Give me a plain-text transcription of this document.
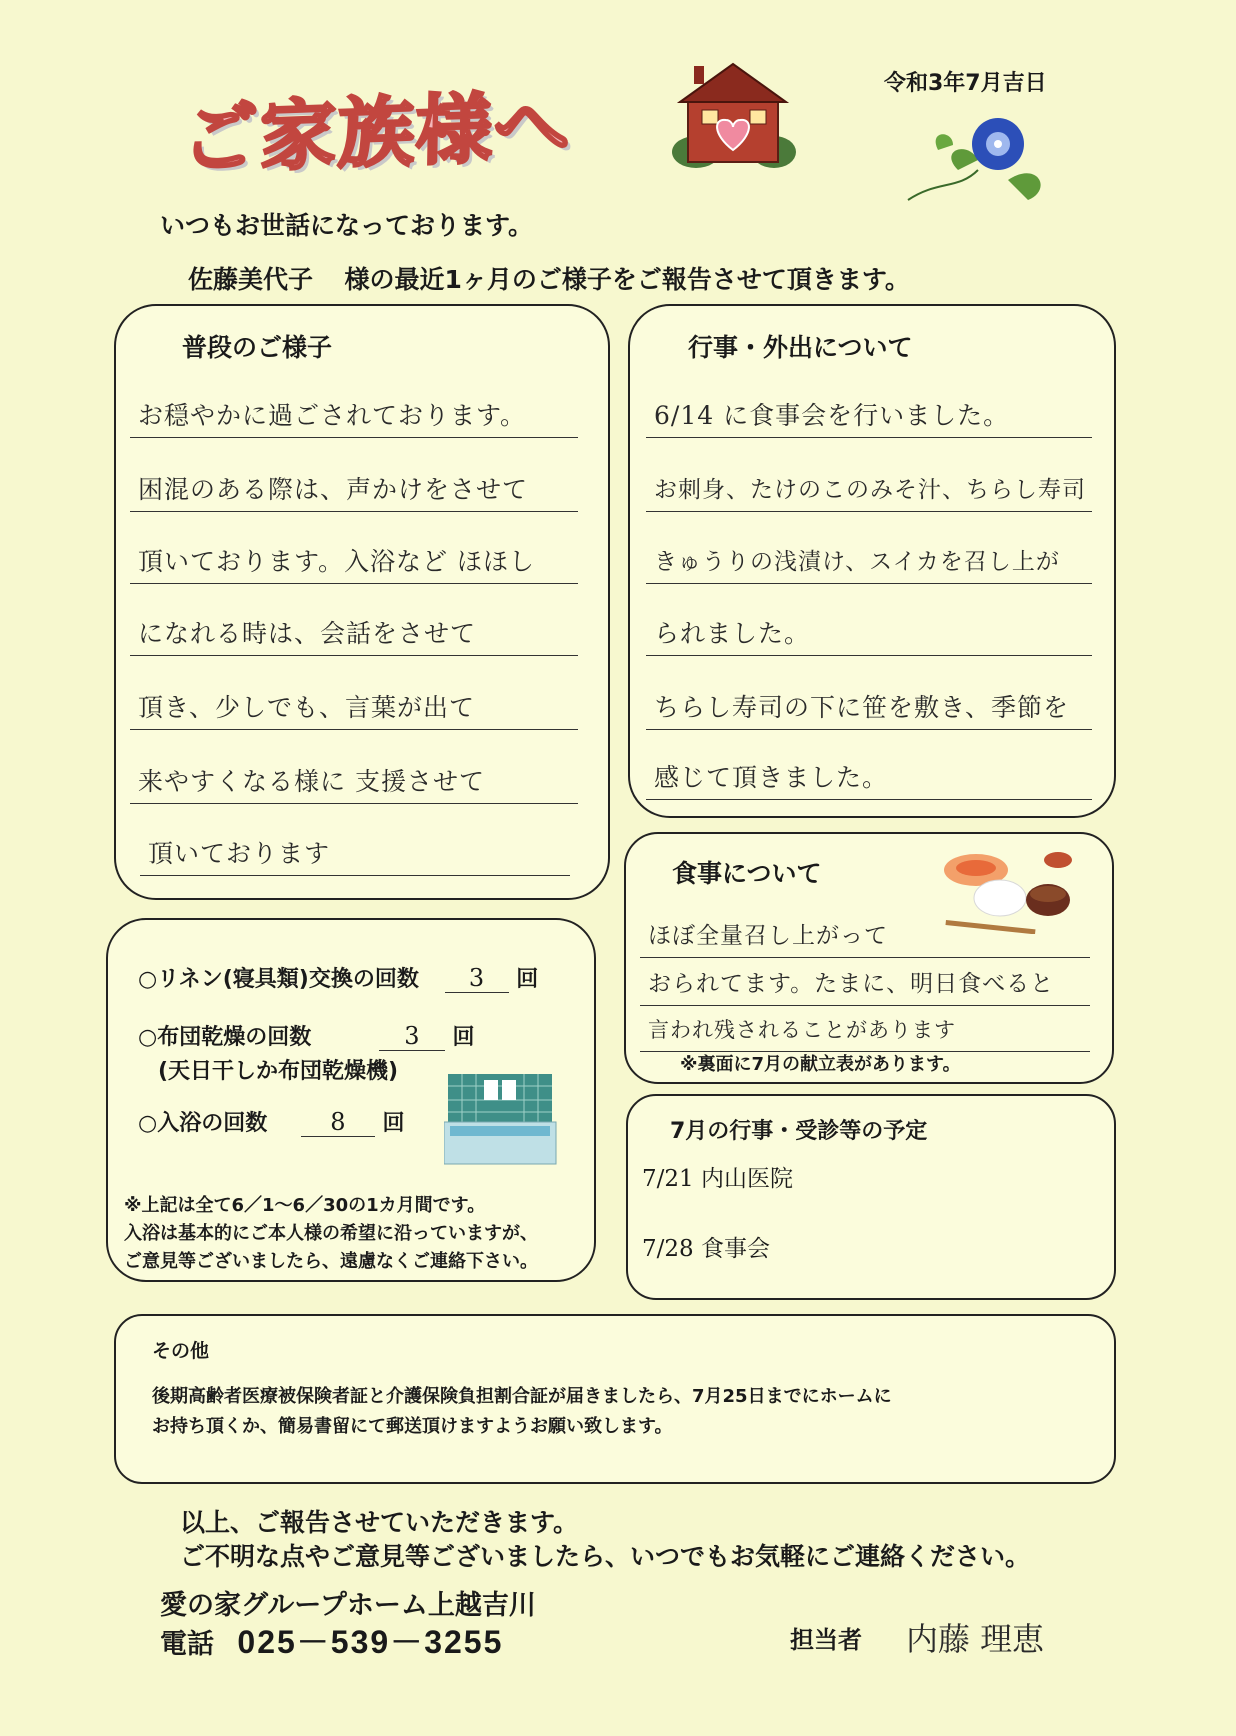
ご家族様へ	令和3年7月吉日
いつもお世話になっております。
佐藤美代子 様の最近1ヶ月のご様子をご報告させて頂きます。
普段のご様子
お穏やかに過ごされております。
困混のある際は、声かけをさせて
頂いております。入浴など ほほし
になれる時は、会話をさせて
頂き、少しでも、言葉が出て
来やすくなる様に 支援させて
頂いております
行事・外出について
6/14 に食事会を行いました。
お刺身、たけのこのみそ汁、ちらし寿司
きゅうりの浅漬け、スイカを召し上が
られました。
ちらし寿司の下に笹を敷き、季節を
感じて頂きました。
食事について
ほぼ全量召し上がって
おられてます。たまに、明日食べると
言われ残されることがあります
※裏面に7月の献立表があります。
○リネン(寝具類)交換の回数 3 回
○布団乾燥の回数	3 回
(天日干しか布団乾燥機)
○入浴の回数	8 回
※上記は全て6／1～6／30の1カ月間です。
入浴は基本的にご本人様の希望に沿っていますが、
ご意見等ございましたら、遠慮なくご連絡下さい。
7月の行事・受診等の予定
7/21 内山医院
7/28 食事会
その他
後期高齢者医療被保険者証と介護保険負担割合証が届きましたら、7月25日までにホームに
お持ち頂くか、簡易書留にて郵送頂けますようお願い致します。
以上、ご報告させていただきます。
ご不明な点やご意見等ございましたら、いつでもお気軽にご連絡ください。
愛の家グループホーム上越吉川
電話 025－539－3255	担当者 内藤 理恵
